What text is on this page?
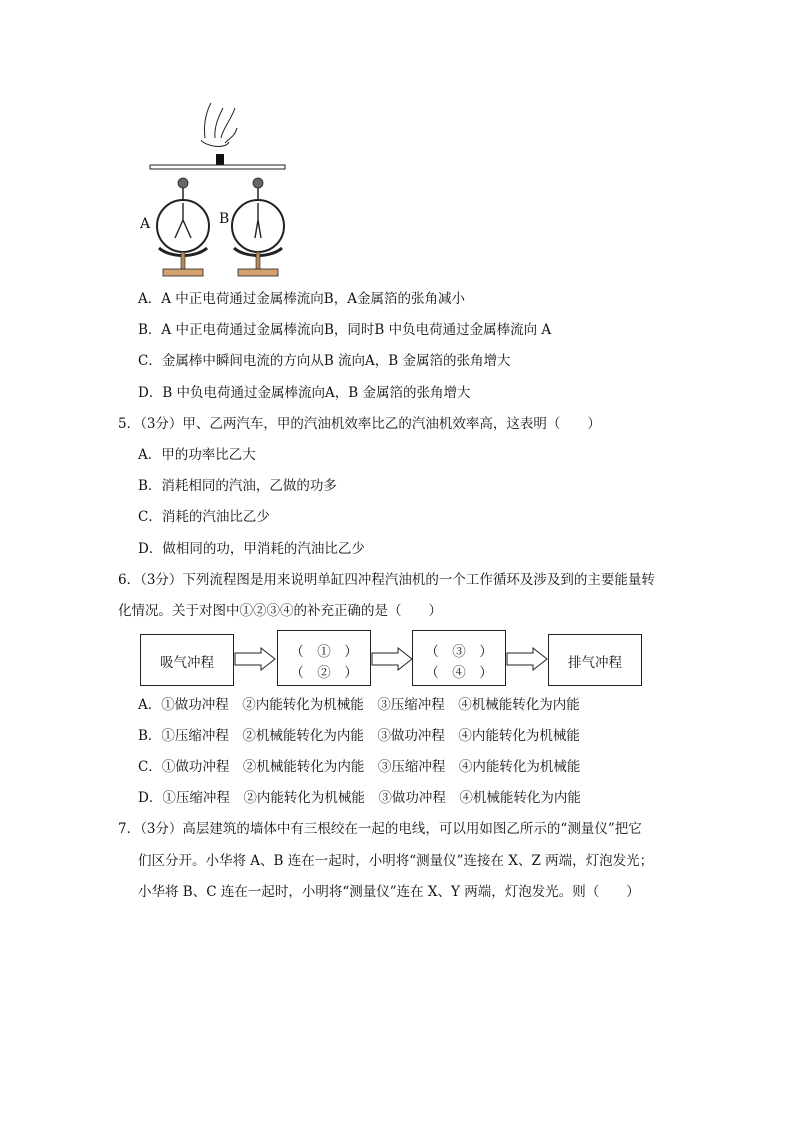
A	B
A．A 中正电荷通过金属棒流向B，A金属箔的张角减小
B．A 中正电荷通过金属棒流向B，同时B 中负电荷通过金属棒流向 A
C．金属棒中瞬间电流的方向从B 流向A，B 金属箔的张角增大
D．B 中负电荷通过金属棒流向A，B 金属箔的张角增大
5．（3分）甲、乙两汽车，甲的汽油机效率比乙的汽油机效率高，这表明（　　）
A．甲的功率比乙大
B．消耗相同的汽油，乙做的功多
C．消耗的汽油比乙少
D．做相同的功，甲消耗的汽油比乙少
6．（3分）下列流程图是用来说明单缸四冲程汽油机的一个工作循环及涉及到的主要能量转
化情况。关于对图中①②③④的补充正确的是（　　）
吸气冲程
（　①　）
（　②　）
（　③　）
（　④　）
排气冲程
A．①做功冲程　②内能转化为机械能　③压缩冲程　④机械能转化为内能
B．①压缩冲程　②机械能转化为内能　③做功冲程　④内能转化为机械能
C．①做功冲程　②机械能转化为内能　③压缩冲程　④内能转化为机械能
D．①压缩冲程　②内能转化为机械能　③做功冲程　④机械能转化为内能
7．（3分）高层建筑的墙体中有三根绞在一起的电线，可以用如图乙所示的“测量仪”把它
们区分开。小华将 A、B 连在一起时，小明将“测量仪”连接在 X、Z 两端，灯泡发光；
小华将 B、C 连在一起时，小明将“测量仪”连在 X、Y 两端，灯泡发光。则（　　）
